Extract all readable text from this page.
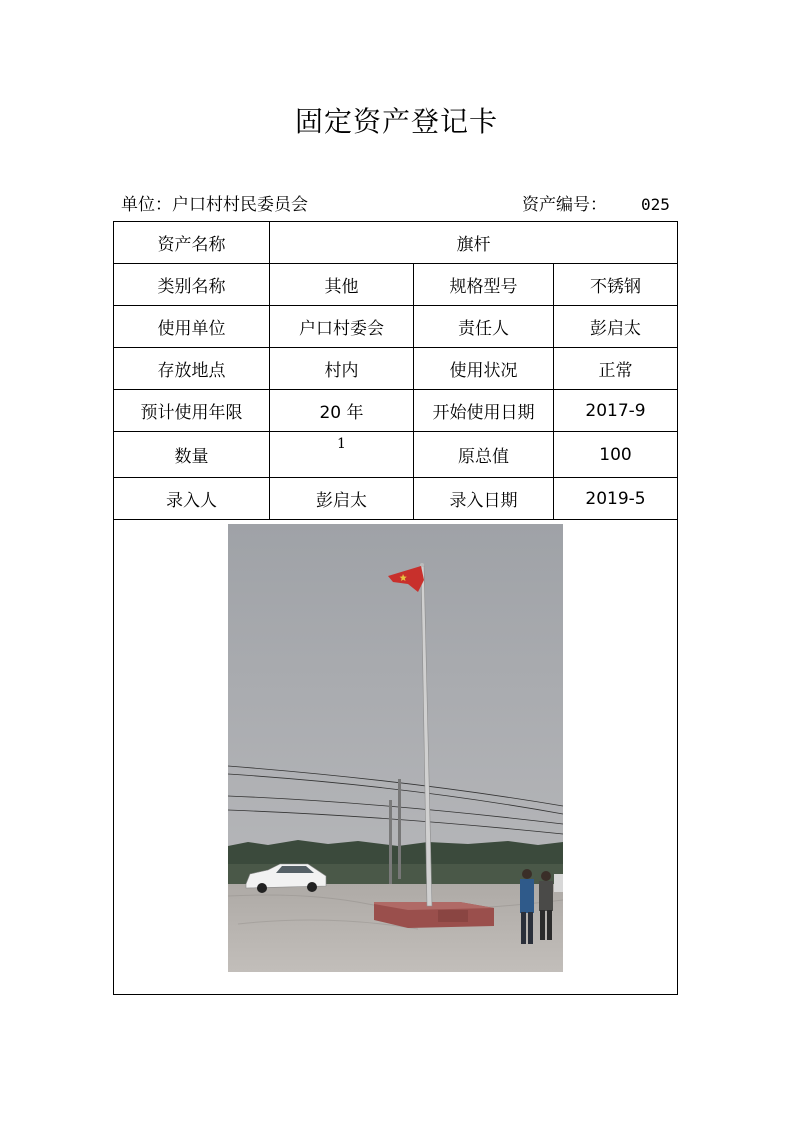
固定资产登记卡
单位：户口村村民委员会	资产编号： 025
资产名称	旗杆		
类别名称	其他	规格型号	不锈钢
使用单位	户口村委会	责任人	彭启太
存放地点	村内	使用状况	正常
预计使用年限	20 年	开始使用日期	2017-9
数量	1	原总值	100
录入人	彭启太	录入日期	2019-5
